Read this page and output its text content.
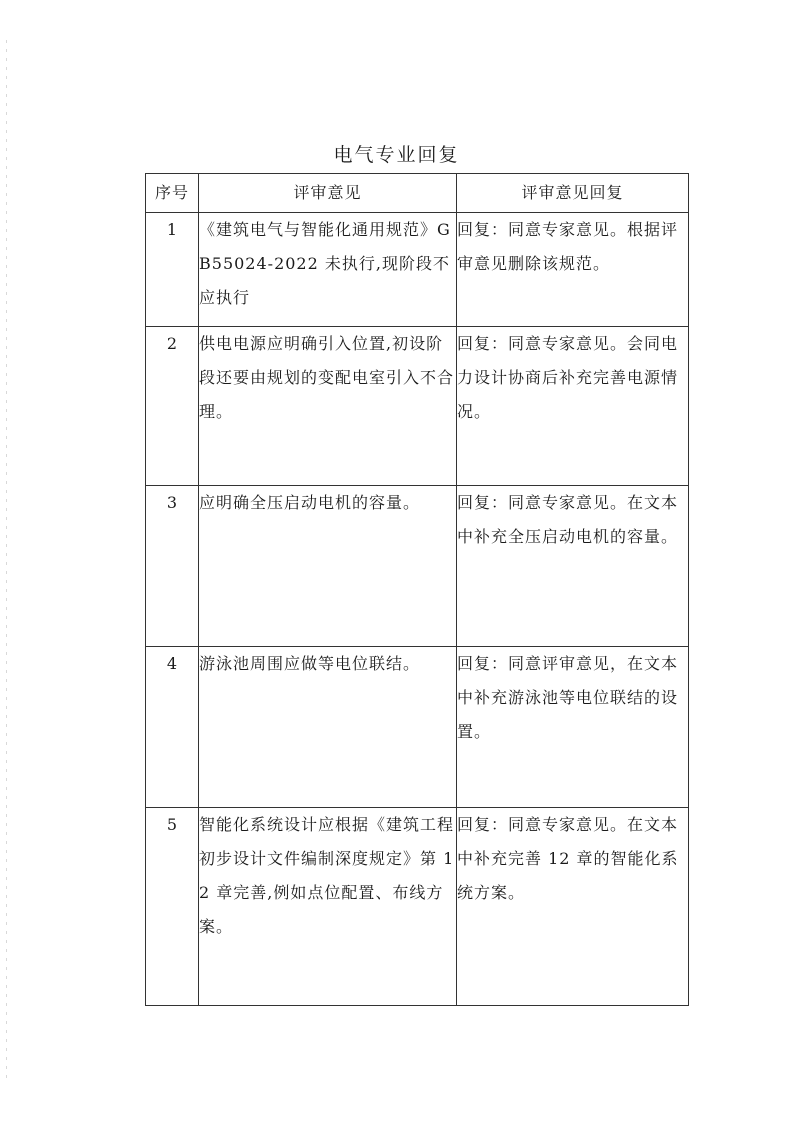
电气专业回复
序号	评审意见	评审意见回复
1	《建筑电气与智能化通用规范》GB55024-2022 未执行,现阶段不应执行	回复：同意专家意见。根据评审意见删除该规范。
2	供电电源应明确引入位置,初设阶段还要由规划的变配电室引入不合理。	回复：同意专家意见。会同电力设计协商后补充完善电源情况。
3	应明确全压启动电机的容量。	回复：同意专家意见。在文本中补充全压启动电机的容量。
4	游泳池周围应做等电位联结。	回复：同意评审意见，在文本中补充游泳池等电位联结的设置。
5	智能化系统设计应根据《建筑工程初步设计文件编制深度规定》第 12 章完善,例如点位配置、布线方案。	回复：同意专家意见。在文本中补充完善 12 章的智能化系统方案。
